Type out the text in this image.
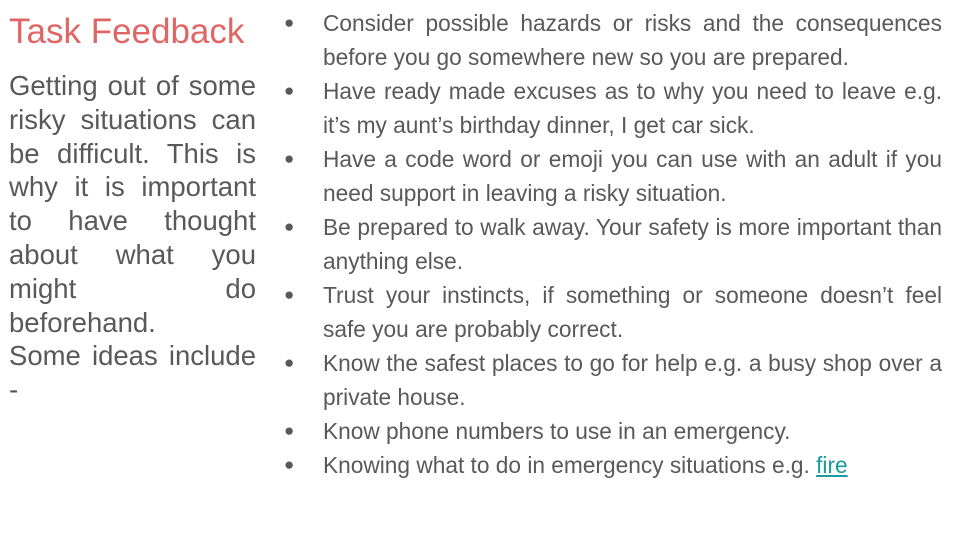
Task Feedback

Getting out of some risky situations can be difficult. This is why it is important to have thought about what you might do beforehand.

Some ideas include -

●	Consider possible hazards or risks and the consequences before you go somewhere new so you are prepared.
●	Have ready made excuses as to why you need to leave e.g. it’s my aunt’s birthday dinner, I get car sick.
●	Have a code word or emoji you can use with an adult if you need support in leaving a risky situation.
●	Be prepared to walk away. Your safety is more important than anything else.
●	Trust your instincts, if something or someone doesn’t feel safe you are probably correct.
●	Know the safest places to go for help e.g. a busy shop over a private house.
●	Know phone numbers to use in an emergency.
●	Knowing what to do in emergency situations e.g. fire
